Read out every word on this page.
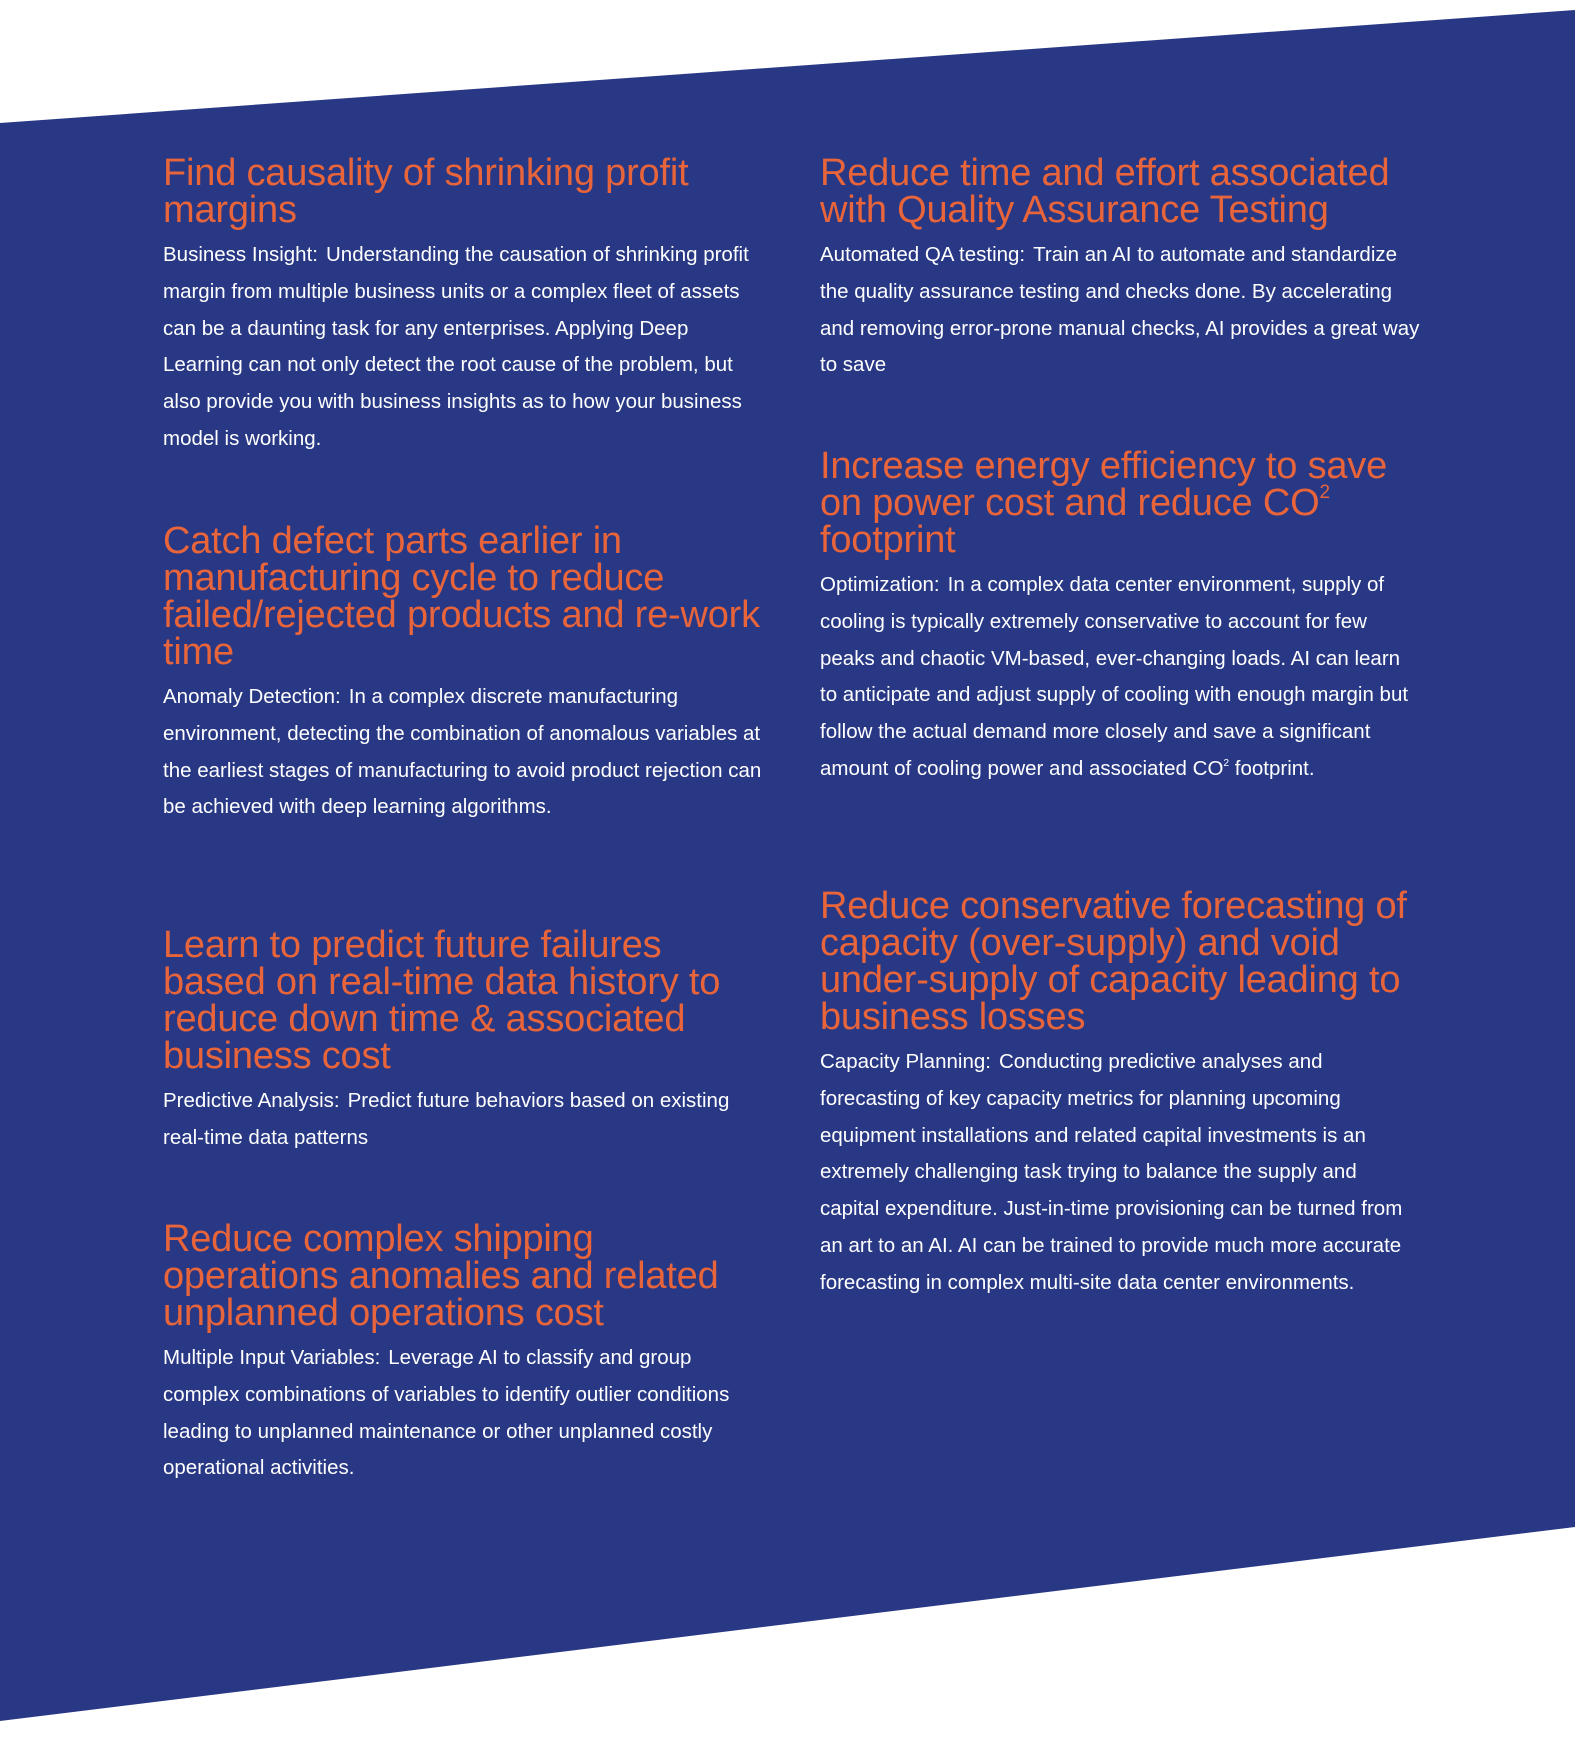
Find causality of shrinking profit margins

Business Insight: Understanding the causation of shrinking profit margin from multiple business units or a complex fleet of assets can be a daunting task for any enterprises. Applying Deep Learning can not only detect the root cause of the problem, but also provide you with business insights as to how your business model is working.

Catch defect parts earlier in manufacturing cycle to reduce failed/rejected products and re-work time

Anomaly Detection: In a complex discrete manufacturing environment, detecting the combination of anomalous variables at the earliest stages of manufacturing to avoid product rejection can be achieved with deep learning algorithms.

Learn to predict future failures based on real-time data history to reduce down time & associated business cost

Predictive Analysis: Predict future behaviors based on existing real-time data patterns

Reduce complex shipping operations anomalies and related unplanned operations cost

Multiple Input Variables: Leverage AI to classify and group complex combinations of variables to identify outlier conditions leading to unplanned maintenance or other unplanned costly operational activities.

Reduce time and effort associated with Quality Assurance Testing

Automated QA testing: Train an AI to automate and standardize the quality assurance testing and checks done. By accelerating and removing error-prone manual checks, AI provides a great way to save

Increase energy efficiency to save on power cost and reduce $CO^2$ footprint

Optimization: In a complex data center environment, supply of cooling is typically extremely conservative to account for few peaks and chaotic VM-based, ever-changing loads. AI can learn to anticipate and adjust supply of cooling with enough margin but follow the actual demand more closely and save a significant amount of cooling power and associated $CO^2$ footprint.

Reduce conservative forecasting of capacity (over-supply) and void under-supply of capacity leading to business losses

Capacity Planning: Conducting predictive analyses and forecasting of key capacity metrics for planning upcoming equipment installations and related capital investments is an extremely challenging task trying to balance the supply and capital expenditure. Just-in-time provisioning can be turned from an art to an AI. AI can be trained to provide much more accurate forecasting in complex multi-site data center environments.
